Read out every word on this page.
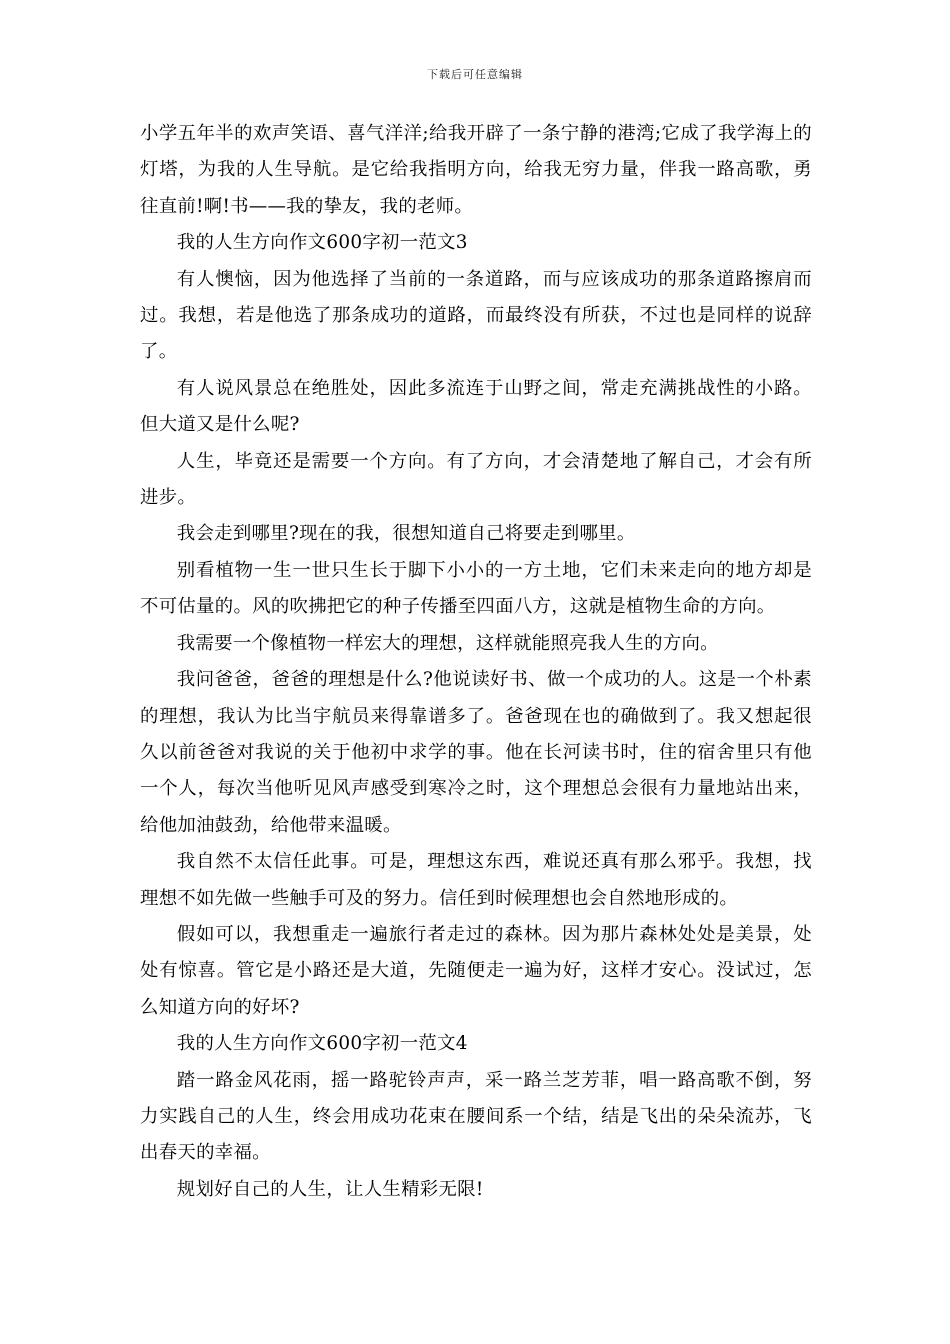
下载后可任意编辑

小学五年半的欢声笑语、喜气洋洋;给我开辟了一条宁静的港湾;它成了我学海上的灯塔，为我的人生导航。是它给我指明方向，给我无穷力量，伴我一路高歌，勇往直前!啊!书——我的挚友，我的老师。

我的人生方向作文600字初一范文3

有人懊恼，因为他选择了当前的一条道路，而与应该成功的那条道路擦肩而过。我想，若是他选了那条成功的道路，而最终没有所获，不过也是同样的说辞了。

有人说风景总在绝胜处，因此多流连于山野之间，常走充满挑战性的小路。但大道又是什么呢?

人生，毕竟还是需要一个方向。有了方向，才会清楚地了解自己，才会有所进步。

我会走到哪里?现在的我，很想知道自己将要走到哪里。

别看植物一生一世只生长于脚下小小的一方土地，它们未来走向的地方却是不可估量的。风的吹拂把它的种子传播至四面八方，这就是植物生命的方向。

我需要一个像植物一样宏大的理想，这样就能照亮我人生的方向。

我问爸爸，爸爸的理想是什么?他说读好书、做一个成功的人。这是一个朴素的理想，我认为比当宇航员来得靠谱多了。爸爸现在也的确做到了。我又想起很久以前爸爸对我说的关于他初中求学的事。他在长河读书时，住的宿舍里只有他一个人，每次当他听见风声感受到寒冷之时，这个理想总会很有力量地站出来，给他加油鼓劲，给他带来温暖。

我自然不太信任此事。可是，理想这东西，难说还真有那么邪乎。我想，找理想不如先做一些触手可及的努力。信任到时候理想也会自然地形成的。

假如可以，我想重走一遍旅行者走过的森林。因为那片森林处处是美景，处处有惊喜。管它是小路还是大道，先随便走一遍为好，这样才安心。没试过，怎么知道方向的好坏?

我的人生方向作文600字初一范文4

踏一路金风花雨，摇一路驼铃声声，采一路兰芝芳菲，唱一路高歌不倒，努力实践自己的人生，终会用成功花束在腰间系一个结，结是飞出的朵朵流苏，飞出春天的幸福。

规划好自己的人生，让人生精彩无限!
